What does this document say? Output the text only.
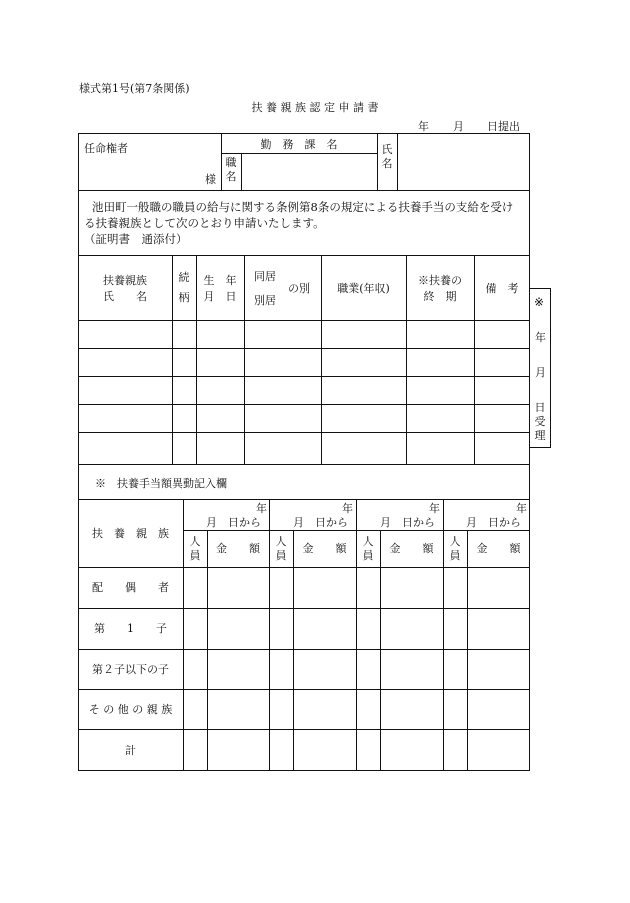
様式第1号(第7条関係)
扶 養 親 族 認 定 申 請 書
年 月 日提出
任命権者
様
勤　務　課　名
職名
氏名
池田町一般職の職員の給与に関する条例第8条の規定による扶養手当の支給を受け
る扶養親族として次のとおり申請いたします。
（証明書　通添付）
扶養親族
氏　　名
続柄
生　年
月　日
同居
別居
の別	職業(年収)
※扶養の
終　期
備　考
※
年
月
日受理
※　扶養手当額異動記入欄
扶　養　親　族
年
月　日から
年
月　日から
年
月　日から
年
月　日から
人員
金　　額
人員
金　　額
人員
金　　額
人員
金　　額
配　　偶　　者
第　　1　　子
第２子以下の子
そ の 他 の 親 族
計
